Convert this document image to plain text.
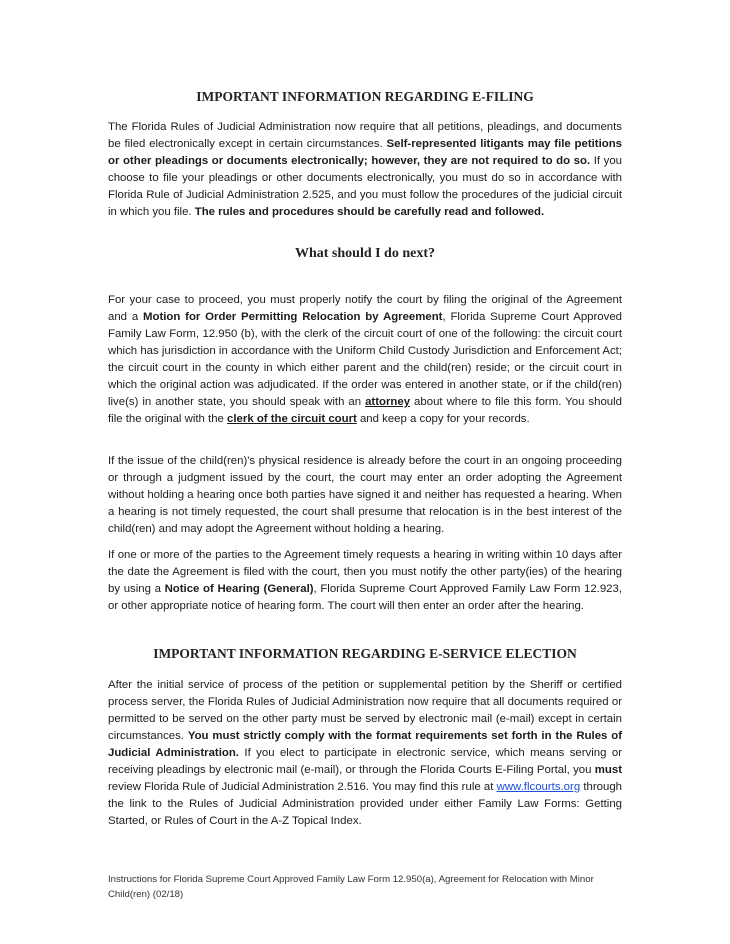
IMPORTANT INFORMATION REGARDING E-FILING

The Florida Rules of Judicial Administration now require that all petitions, pleadings, and documents be filed electronically except in certain circumstances. Self-represented litigants may file petitions or other pleadings or documents electronically; however, they are not required to do so. If you choose to file your pleadings or other documents electronically, you must do so in accordance with Florida Rule of Judicial Administration 2.525, and you must follow the procedures of the judicial circuit in which you file. The rules and procedures should be carefully read and followed.

What should I do next?

For your case to proceed, you must properly notify the court by filing the original of the Agreement and a Motion for Order Permitting Relocation by Agreement, Florida Supreme Court Approved Family Law Form, 12.950 (b), with the clerk of the circuit court of one of the following: the circuit court which has jurisdiction in accordance with the Uniform Child Custody Jurisdiction and Enforcement Act; the circuit court in the county in which either parent and the child(ren) reside; or the circuit court in which the original action was adjudicated. If the order was entered in another state, or if the child(ren) live(s) in another state, you should speak with an attorney about where to file this form. You should file the original with the clerk of the circuit court and keep a copy for your records.

If the issue of the child(ren)'s physical residence is already before the court in an ongoing proceeding or through a judgment issued by the court, the court may enter an order adopting the Agreement without holding a hearing once both parties have signed it and neither has requested a hearing. When a hearing is not timely requested, the court shall presume that relocation is in the best interest of the child(ren) and may adopt the Agreement without holding a hearing.

If one or more of the parties to the Agreement timely requests a hearing in writing within 10 days after the date the Agreement is filed with the court, then you must notify the other party(ies) of the hearing by using a Notice of Hearing (General), Florida Supreme Court Approved Family Law Form 12.923, or other appropriate notice of hearing form. The court will then enter an order after the hearing.

IMPORTANT INFORMATION REGARDING E-SERVICE ELECTION

After the initial service of process of the petition or supplemental petition by the Sheriff or certified process server, the Florida Rules of Judicial Administration now require that all documents required or permitted to be served on the other party must be served by electronic mail (e-mail) except in certain circumstances. You must strictly comply with the format requirements set forth in the Rules of Judicial Administration. If you elect to participate in electronic service, which means serving or receiving pleadings by electronic mail (e-mail), or through the Florida Courts E-Filing Portal, you must review Florida Rule of Judicial Administration 2.516. You may find this rule at www.flcourts.org through the link to the Rules of Judicial Administration provided under either Family Law Forms: Getting Started, or Rules of Court in the A-Z Topical Index.

Instructions for Florida Supreme Court Approved Family Law Form 12.950(a), Agreement for Relocation with Minor Child(ren) (02/18)
